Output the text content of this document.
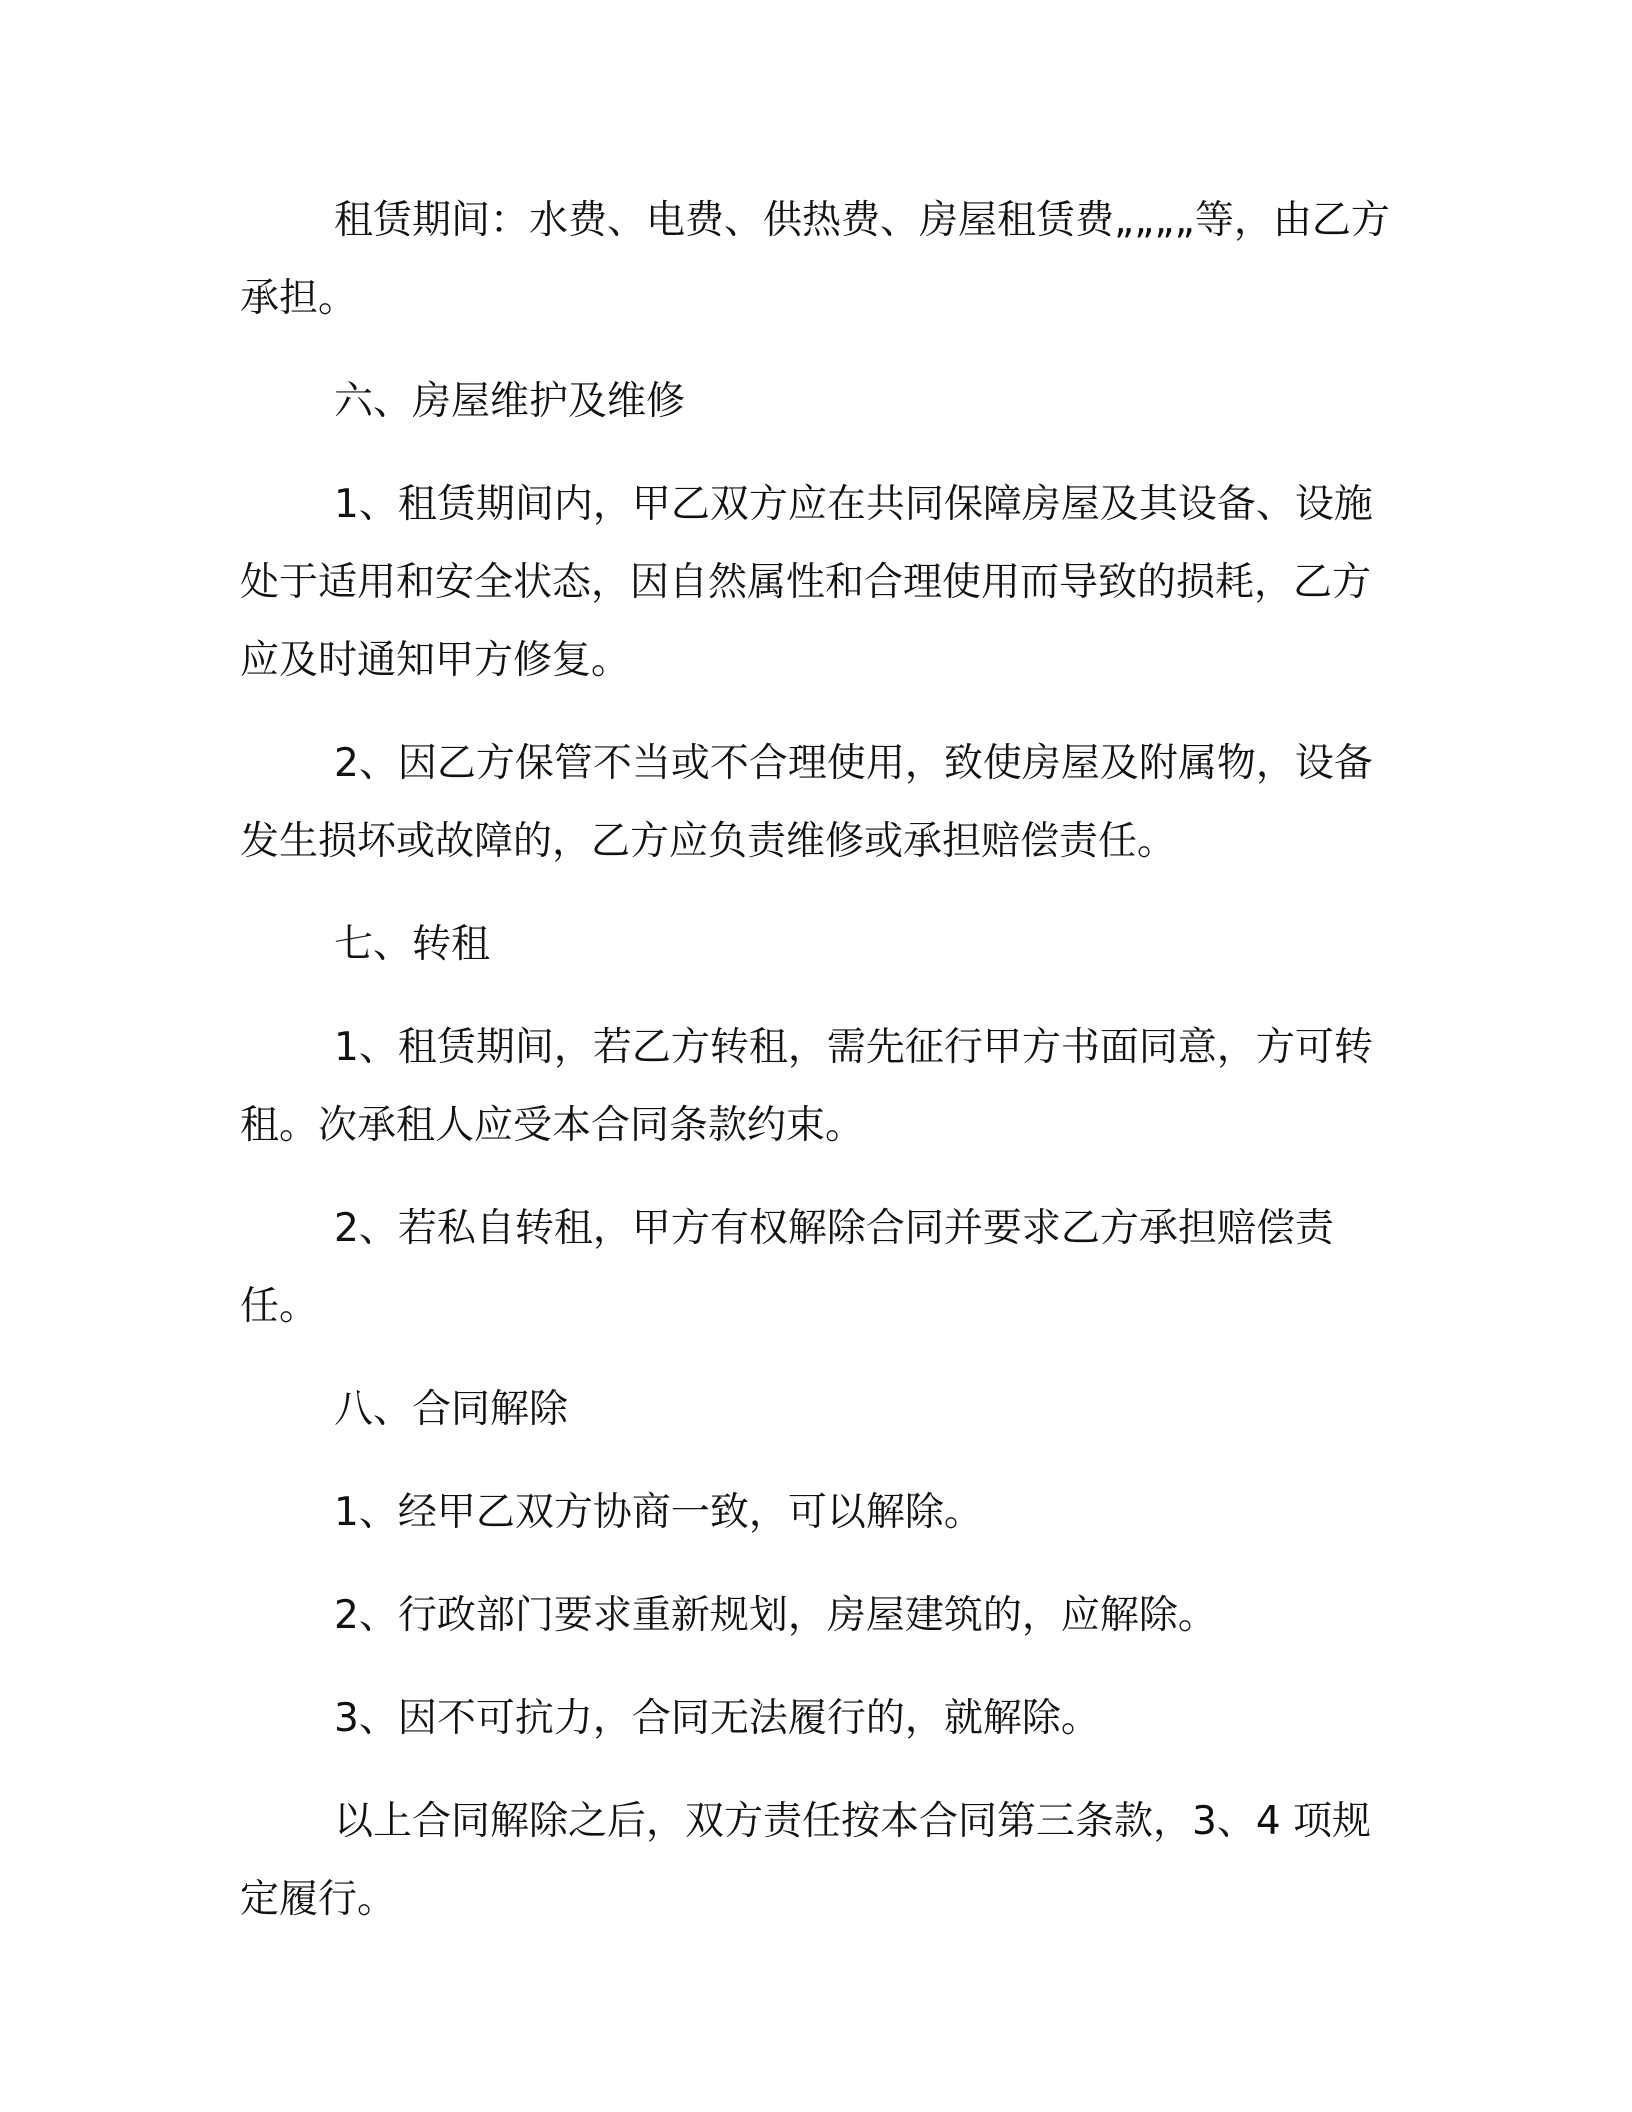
租赁期间：水费、电费、供热费、房屋租赁费„„„„等，由乙方承担。

六、房屋维护及维修

1、租赁期间内，甲乙双方应在共同保障房屋及其设备、设施处于适用和安全状态，因自然属性和合理使用而导致的损耗，乙方应及时通知甲方修复。

2、因乙方保管不当或不合理使用，致使房屋及附属物，设备发生损坏或故障的，乙方应负责维修或承担赔偿责任。

七、转租

1、租赁期间，若乙方转租，需先征行甲方书面同意，方可转租。次承租人应受本合同条款约束。

2、若私自转租，甲方有权解除合同并要求乙方承担赔偿责任。

八、合同解除

1、经甲乙双方协商一致，可以解除。

2、行政部门要求重新规划，房屋建筑的，应解除。

3、因不可抗力，合同无法履行的，就解除。

以上合同解除之后，双方责任按本合同第三条款，3、4 项规定履行。
